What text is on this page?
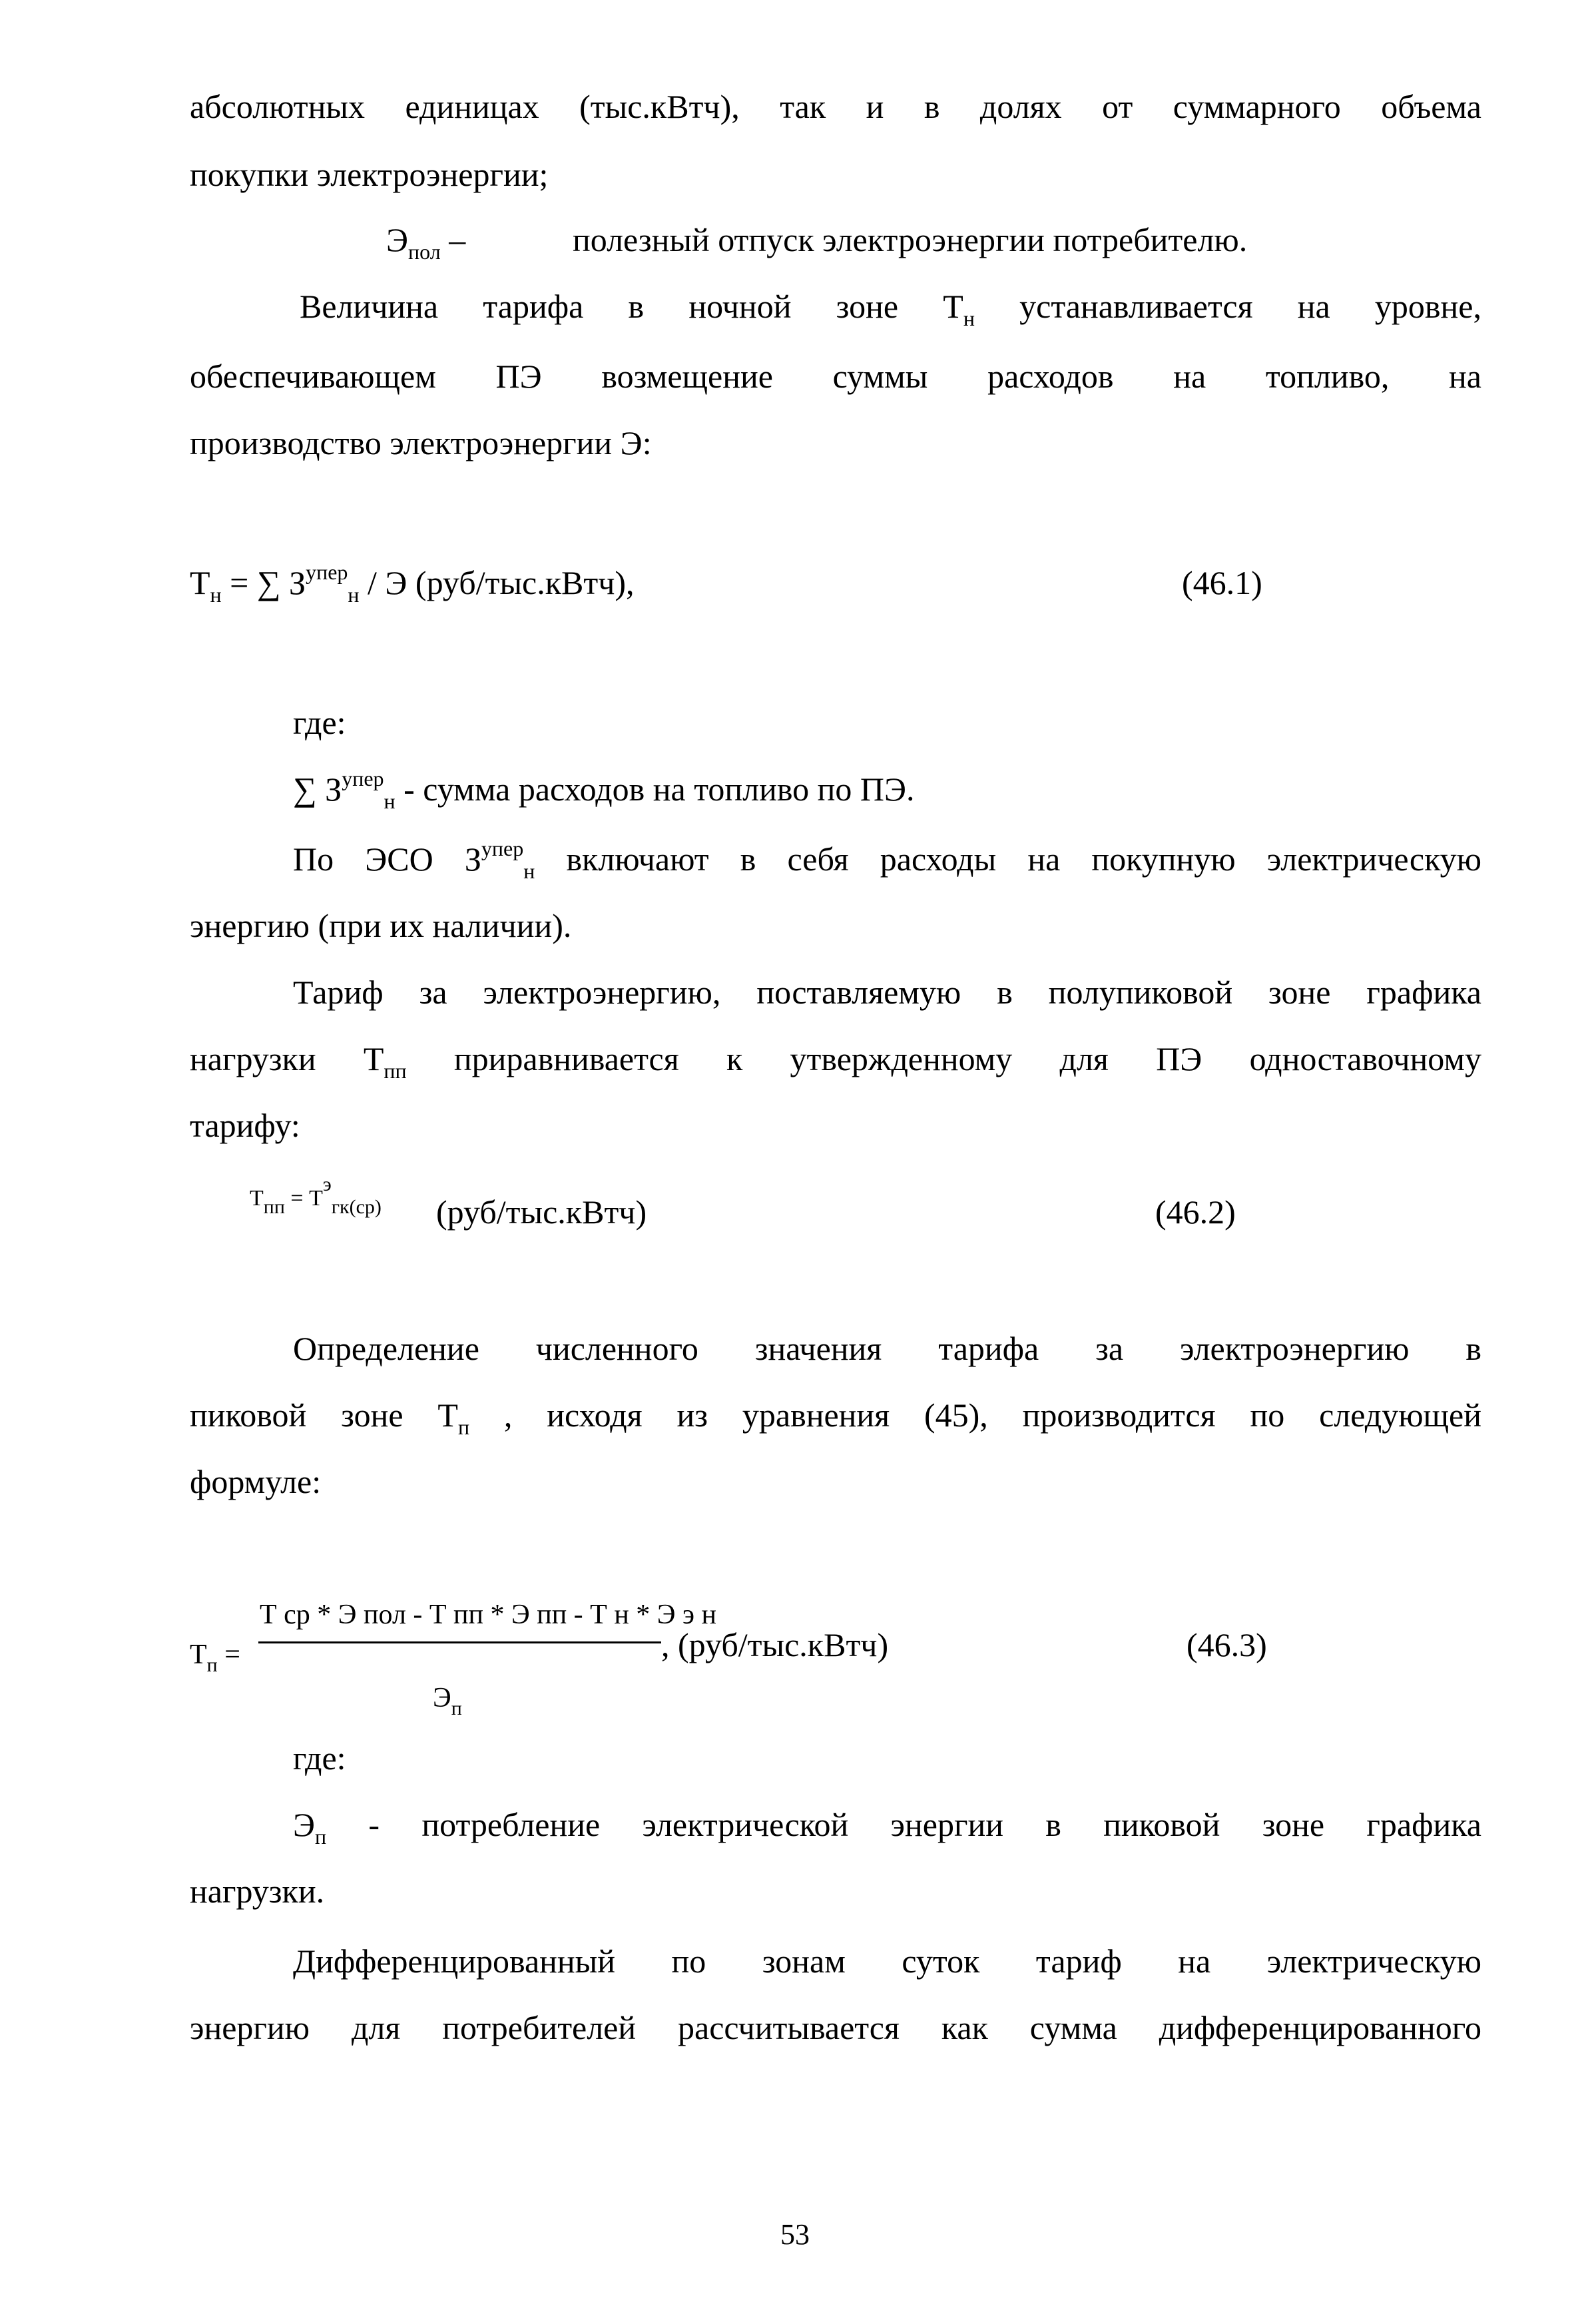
абсолютных единицах (тыс.кВтч), так и в долях от суммарного объема
покупки электроэнергии;
$Э_{пол}$ –	полезный отпуск электроэнергии потребителю.
Величина тарифа в ночной зоне $Т_н$ устанавливается на уровне,
обеспечивающем ПЭ возмещение суммы расходов на топливо, на
производство электроэнергии Э:
$Т_н$ = ∑ $З^{упер}_н$ / Э (руб/тыс.кВтч),	(46.1)
где:
∑ $З^{упер}_н$ - сумма расходов на топливо по ПЭ.
По ЭСО $З^{упер}_н$ включают в себя расходы на покупную электрическую
энергию (при их наличии).
Тариф за электроэнергию, поставляемую в полупиковой зоне графика
нагрузки $Т_{пп}$ приравнивается к утвержденному для ПЭ одноставочному
тарифу:
Тпп = Тэгк(ср) (руб/тыс.кВтч)	(46.2)
Определение численного значения тарифа за электроэнергию в
пиковой зоне $Т_п$ , исходя из уравнения (45), производится по следующей
формуле:
$Т_п$ =
Т ср * Э пол - Т пп * Э пп - Т н * Э э н
$Э_п$
, (руб/тыс.кВтч)	(46.3)
где:
$Э_п$ - потребление электрической энергии в пиковой зоне графика
нагрузки.
Дифференцированный по зонам суток тариф на электрическую
энергию для потребителей рассчитывается как сумма дифференцированного
53
